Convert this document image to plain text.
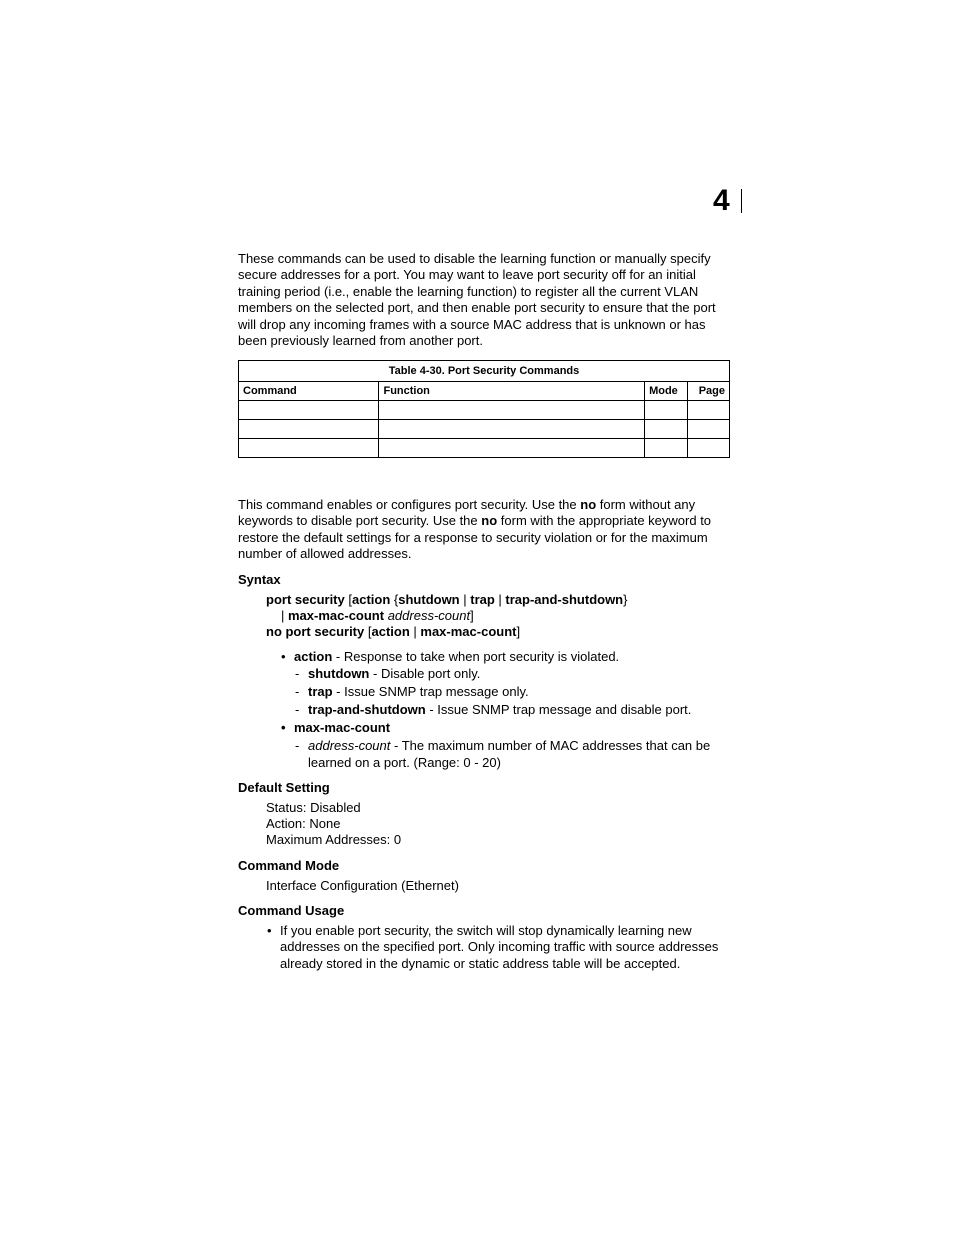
4

These commands can be used to disable the learning function or manually specify secure addresses for a port. You may want to leave port security off for an initial training period (i.e., enable the learning function) to register all the current VLAN members on the selected port, and then enable port security to ensure that the port will drop any incoming frames with a source MAC address that is unknown or has been previously learned from another port.

Table 4-30. Port Security Commands			
Command	Function	Mode	Page

This command enables or configures port security. Use the no form without any keywords to disable port security. Use the no form with the appropriate keyword to restore the default settings for a response to security violation or for the maximum number of allowed addresses.

Syntax

port security [action {shutdown | trap | trap-and-shutdown}

| max-mac-count address-count]

no port security [action | max-mac-count]

• action - Response to take when port security is violated.

- shutdown - Disable port only.

- trap - Issue SNMP trap message only.

- trap-and-shutdown - Issue SNMP trap message and disable port.

• max-mac-count

- address-count - The maximum number of MAC addresses that can be

learned on a port. (Range: 0 - 20)

Default Setting

Status: Disabled

Action: None

Maximum Addresses: 0

Command Mode

Interface Configuration (Ethernet)

Command Usage

• If you enable port security, the switch will stop dynamically learning new

addresses on the specified port. Only incoming traffic with source addresses

already stored in the dynamic or static address table will be accepted.
